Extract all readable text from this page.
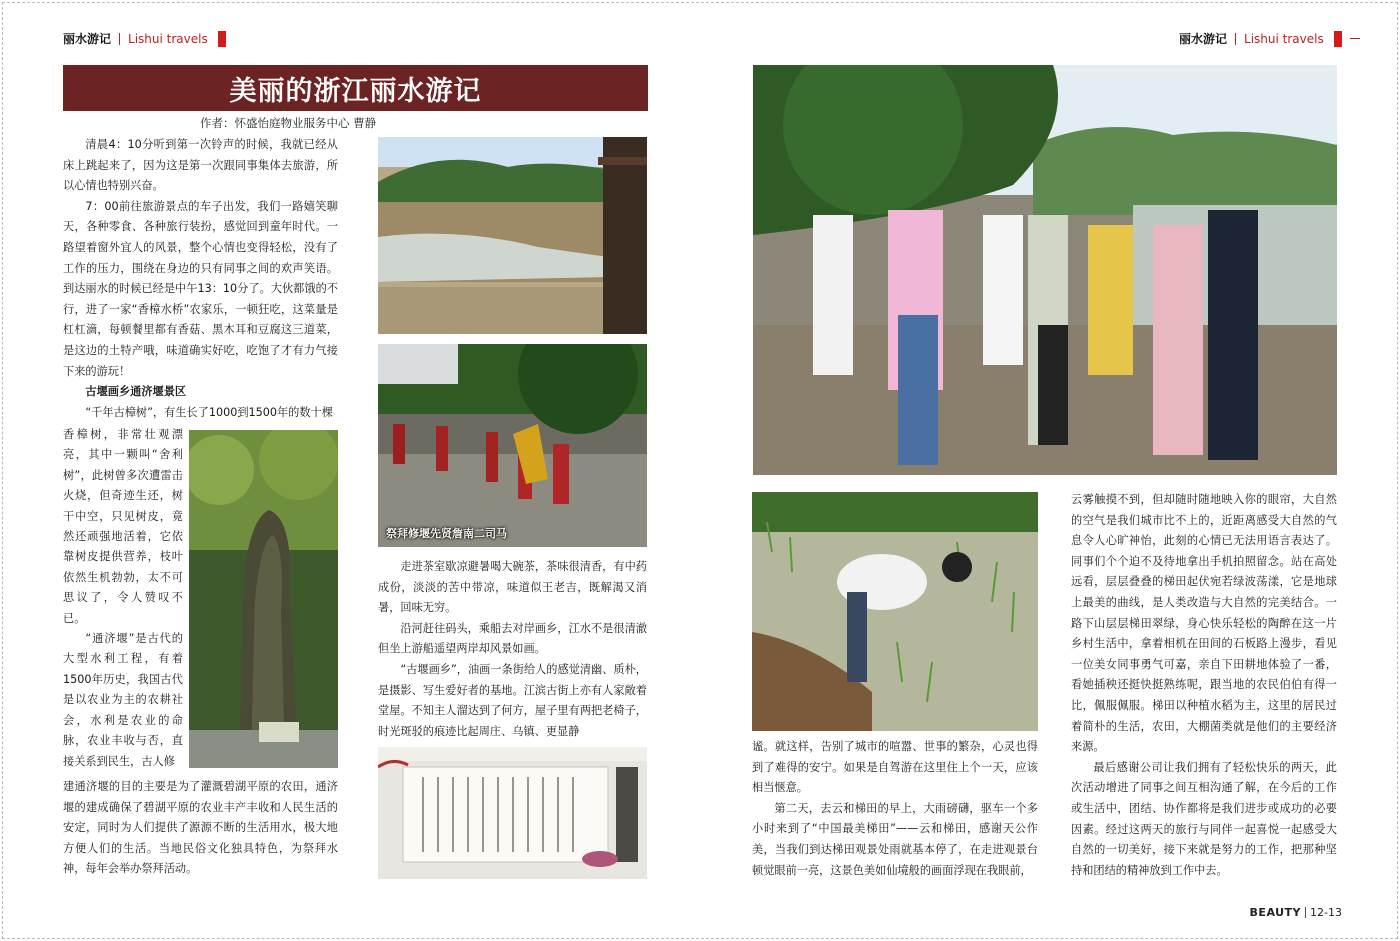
丽水游记 Lishui travels	丽水游记 Lishui travels
美丽的浙江丽水游记
作者：怀盛怡庭物业服务中心 曹静

清晨4：10分听到第一次铃声的时候，我就已经从床上跳起来了，因为这是第一次跟同事集体去旅游，所以心情也特别兴奋。

7：00前往旅游景点的车子出发，我们一路嬉笑聊天，各种零食、各种旅行装扮，感觉回到童年时代。一路望着窗外宜人的风景，整个心情也变得轻松，没有了工作的压力，围绕在身边的只有同事之间的欢声笑语。到达丽水的时候已经是中午13：10分了。大伙都饿的不行，进了一家“香樟水桥”农家乐，一顿狂吃，这菜量是杠杠滴，每顿餐里都有香菇、黑木耳和豆腐这三道菜，是这边的土特产哦，味道确实好吃，吃饱了才有力气接下来的游玩！

古堰画乡通济堰景区

“千年古樟树”，有生长了1000到1500年的数十棵

香樟树，非常壮观漂亮，其中一颗叫“舍利树”，此树曾多次遭雷击火烧，但奇迹生还，树干中空，只见树皮，竟然还顽强地活着，它依靠树皮提供营养，枝叶依然生机勃勃，太不可思议了，令人赞叹不已。

“通济堰”是古代的大型水利工程，有着1500年历史，我国古代是以农业为主的农耕社会，水利是农业的命脉，农业丰收与否，直接关系到民生，古人修

建通济堰的目的主要是为了灌溉碧湖平原的农田，通济堰的建成确保了碧湖平原的农业丰产丰收和人民生活的安定，同时为人们提供了源源不断的生活用水，极大地方便人们的生活。当地民俗文化独具特色，为祭拜水神，每年会举办祭拜活动。

祭拜修堰先贤詹南二司马

走进茶室歇凉避暑喝大碗茶，茶味很清香，有中药成份，淡淡的苦中带凉，味道似王老吉，既解渴又消暑，回味无穷。

沿河赶往码头，乘船去对岸画乡，江水不是很清澈但坐上游船遥望两岸却风景如画。

“古堰画乡”，油画一条街给人的感觉清幽、质朴，是摄影、写生爱好者的基地。江滨古街上亦有人家敞着堂屋。不知主人溜达到了何方，屋子里有两把老椅子，时光斑驳的痕迹比起周庄、乌镇、更显静

谧。就这样，告别了城市的喧嚣、世事的繁杂，心灵也得到了难得的安宁。如果是自驾游在这里住上个一天，应该相当惬意。

第二天，去云和梯田的早上，大雨磅礴，驱车一个多小时来到了“中国最美梯田”——云和梯田，感谢天公作美，当我们到达梯田观景处雨就基本停了，在走进观景台顿觉眼前一亮，这景色美如仙境般的画面浮现在我眼前，

云雾触摸不到，但却随时随地映入你的眼帘，大自然的空气是我们城市比不上的，近距离感受大自然的气息令人心旷神怡，此刻的心情已无法用语言表达了。同事们个个迫不及待地拿出手机拍照留念。站在高处远看，层层叠叠的梯田起伏宛若绿波荡漾，它是地球上最美的曲线，是人类改造与大自然的完美结合。一路下山层层梯田翠绿，身心快乐轻松的陶醉在这一片乡村生活中，拿着相机在田间的石板路上漫步，看见一位美女同事勇气可嘉，亲自下田耕地体验了一番，看她插秧还挺快挺熟练呢，跟当地的农民伯伯有得一比，佩服佩服。梯田以种植水稻为主，这里的居民过着简朴的生活，农田，大棚菌类就是他们的主要经济来源。

最后感谢公司让我们拥有了轻松快乐的两天，此次活动增进了同事之间互相沟通了解，在今后的工作或生活中，团结、协作都将是我们进步或成功的必要因素。经过这两天的旅行与同伴一起喜悦一起感受大自然的一切美好，接下来就是努力的工作，把那种坚持和团结的精神放到工作中去。

BEAUTY 12-13
